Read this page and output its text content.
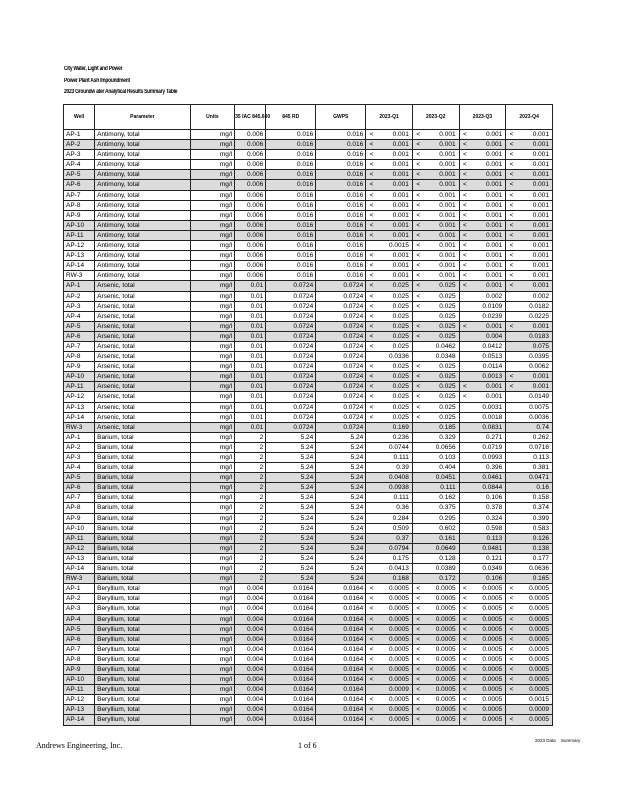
City Water, Light and Power
Power Plant Ash Impoundment
2023 Groundw ater Analytical Results Summary Table
Well	Parameter	Units	35 IAC 845.600	845 RD	GWPS	2023-Q1		2023-Q2		2023-Q3		2023-Q4	
AP-1	Antimony, total	mg/l	0.006	0.016	0.016	<	0.001	<	0.001	<	0.001	<	0.001
AP-2	Antimony, total	mg/l	0.006	0.016	0.016	<	0.001	<	0.001	<	0.001	<	0.001
AP-3	Antimony, total	mg/l	0.006	0.016	0.016	<	0.001	<	0.001	<	0.001	<	0.001
AP-4	Antimony, total	mg/l	0.006	0.016	0.016	<	0.001	<	0.001	<	0.001	<	0.001
AP-5	Antimony, total	mg/l	0.006	0.016	0.016	<	0.001	<	0.001	<	0.001	<	0.001
AP-6	Antimony, total	mg/l	0.006	0.016	0.016	<	0.001	<	0.001	<	0.001	<	0.001
AP-7	Antimony, total	mg/l	0.006	0.016	0.016	<	0.001	<	0.001	<	0.001	<	0.001
AP-8	Antimony, total	mg/l	0.006	0.016	0.016	<	0.001	<	0.001	<	0.001	<	0.001
AP-9	Antimony, total	mg/l	0.006	0.016	0.016	<	0.001	<	0.001	<	0.001	<	0.001
AP-10	Antimony, total	mg/l	0.006	0.016	0.016	<	0.001	<	0.001	<	0.001	<	0.001
AP-11	Antimony, total	mg/l	0.006	0.016	0.016	<	0.001	<	0.001	<	0.001	<	0.001
AP-12	Antimony, total	mg/l	0.006	0.016	0.016		0.0015	<	0.001	<	0.001	<	0.001
AP-13	Antimony, total	mg/l	0.006	0.016	0.016	<	0.001	<	0.001	<	0.001	<	0.001
AP-14	Antimony, total	mg/l	0.006	0.016	0.016	<	0.001	<	0.001	<	0.001	<	0.001
RW-3	Antimony, total	mg/l	0.006	0.016	0.016	<	0.001	<	0.001	<	0.001	<	0.001
AP-1	Arsenic, total	mg/l	0.01	0.0724	0.0724	<	0.025	<	0.025	<	0.001	<	0.001
AP-2	Arsenic, total	mg/l	0.01	0.0724	0.0724	<	0.025	<	0.025		0.002		0.002
AP-3	Arsenic, total	mg/l	0.01	0.0724	0.0724	<	0.025	<	0.025		0.0109		0.0182
AP-4	Arsenic, total	mg/l	0.01	0.0724	0.0724	<	0.025		0.025		0.0239		0.0225
AP-5	Arsenic, total	mg/l	0.01	0.0724	0.0724	<	0.025	<	0.025	<	0.001	<	0.001
AP-6	Arsenic, total	mg/l	0.01	0.0724	0.0724	<	0.025	<	0.025		0.004		0.0183
AP-7	Arsenic, total	mg/l	0.01	0.0724	0.0724	<	0.025		0.0462		0.0412		0.075
AP-8	Arsenic, total	mg/l	0.01	0.0724	0.0724		0.0336		0.0348		0.0513		0.0395
AP-9	Arsenic, total	mg/l	0.01	0.0724	0.0724	<	0.025	<	0.025		0.0114		0.0062
AP-10	Arsenic, total	mg/l	0.01	0.0724	0.0724	<	0.025	<	0.025		0.0013	<	0.001
AP-11	Arsenic, total	mg/l	0.01	0.0724	0.0724	<	0.025	<	0.025	<	0.001	<	0.001
AP-12	Arsenic, total	mg/l	0.01	0.0724	0.0724	<	0.025	<	0.025	<	0.001		0.0149
AP-13	Arsenic, total	mg/l	0.01	0.0724	0.0724	<	0.025	<	0.025		0.0031		0.0075
AP-14	Arsenic, total	mg/l	0.01	0.0724	0.0724	<	0.025	<	0.025		0.0018		0.0036
RW-3	Arsenic, total	mg/l	0.01	0.0724	0.0724		0.169		0.185		0.0831		0.74
AP-1	Barium, total	mg/l	2	5.24	5.24		0.236		0.329		0.271		0.262
AP-2	Barium, total	mg/l	2	5.24	5.24		0.0744		0.0656		0.0719		0.0716
AP-3	Barium, total	mg/l	2	5.24	5.24		0.111		0.103		0.0993		0.113
AP-4	Barium, total	mg/l	2	5.24	5.24		0.39		0.404		0.396		0.381
AP-5	Barium, total	mg/l	2	5.24	5.24		0.0408		0.0451		0.0461		0.0471
AP-6	Barium, total	mg/l	2	5.24	5.24		0.0938		0.111		0.0844		0.16
AP-7	Barium, total	mg/l	2	5.24	5.24		0.111		0.162		0.106		0.158
AP-8	Barium, total	mg/l	2	5.24	5.24		0.36		0.375		0.378		0.374
AP-9	Barium, total	mg/l	2	5.24	5.24		0.284		0.295		0.324		0.399
AP-10	Barium, total	mg/l	2	5.24	5.24		0.509		0.602		0.598		0.583
AP-11	Barium, total	mg/l	2	5.24	5.24		0.37		0.161		0.113		0.126
AP-12	Barium, total	mg/l	2	5.24	5.24		0.0794		0.0649		0.0481		0.138
AP-13	Barium, total	mg/l	2	5.24	5.24		0.175		0.128		0.121		0.177
AP-14	Barium, total	mg/l	2	5.24	5.24		0.0413		0.0389		0.0349		0.0636
RW-3	Barium, total	mg/l	2	5.24	5.24		0.168		0.172		0.106		0.165
AP-1	Beryllium, total	mg/l	0.004	0.0164	0.0164	<	0.0005	<	0.0005	<	0.0005	<	0.0005
AP-2	Beryllium, total	mg/l	0.004	0.0164	0.0164	<	0.0005	<	0.0005	<	0.0005	<	0.0005
AP-3	Beryllium, total	mg/l	0.004	0.0164	0.0164	<	0.0005	<	0.0005	<	0.0005	<	0.0005
AP-4	Beryllium, total	mg/l	0.004	0.0164	0.0164	<	0.0005	<	0.0005	<	0.0005	<	0.0005
AP-5	Beryllium, total	mg/l	0.004	0.0164	0.0164	<	0.0005	<	0.0005	<	0.0005	<	0.0005
AP-6	Beryllium, total	mg/l	0.004	0.0164	0.0164	<	0.0005	<	0.0005	<	0.0005	<	0.0005
AP-7	Beryllium, total	mg/l	0.004	0.0164	0.0164	<	0.0005	<	0.0005	<	0.0005	<	0.0005
AP-8	Beryllium, total	mg/l	0.004	0.0164	0.0164	<	0.0005	<	0.0005	<	0.0005	<	0.0005
AP-9	Beryllium, total	mg/l	0.004	0.0164	0.0164	<	0.0005	<	0.0005	<	0.0005	<	0.0005
AP-10	Beryllium, total	mg/l	0.004	0.0164	0.0164	<	0.0005	<	0.0005	<	0.0005	<	0.0005
AP-11	Beryllium, total	mg/l	0.004	0.0164	0.0164		0.0009	<	0.0005	<	0.0005	<	0.0005
AP-12	Beryllium, total	mg/l	0.004	0.0164	0.0164	<	0.0005	<	0.0005	<	0.0005		0.0015
AP-13	Beryllium, total	mg/l	0.004	0.0164	0.0164	<	0.0005	<	0.0005	<	0.0005		0.0009
AP-14	Beryllium, total	mg/l	0.004	0.0164	0.0164	<	0.0005	<	0.0005	<	0.0005	<	0.0005
Andrews Engineering, Inc.	1 of 6
2023 Data Summary
